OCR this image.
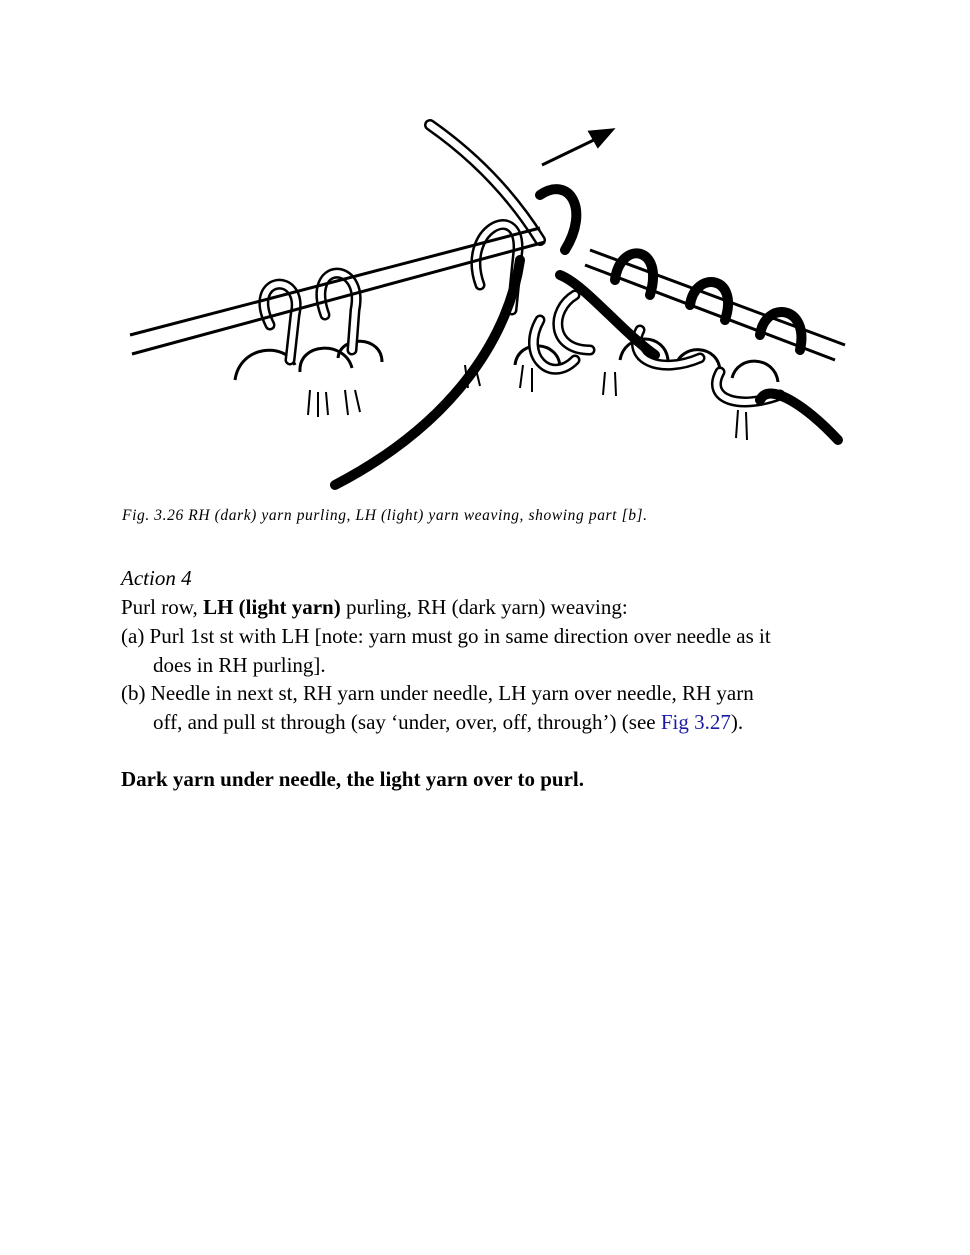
Fig. 3.26 RH (dark) yarn purling, LH (light) yarn weaving, showing part [b].
Action 4
Purl row, LH (light yarn) purling, RH (dark yarn) weaving:
(a) Purl 1st st with LH [note: yarn must go in same direction over needle as it
does in RH purling].
(b) Needle in next st, RH yarn under needle, LH yarn over needle, RH yarn
off, and pull st through (say ‘under, over, off, through’) (see Fig 3.27).
Dark yarn under needle, the light yarn over to purl.
